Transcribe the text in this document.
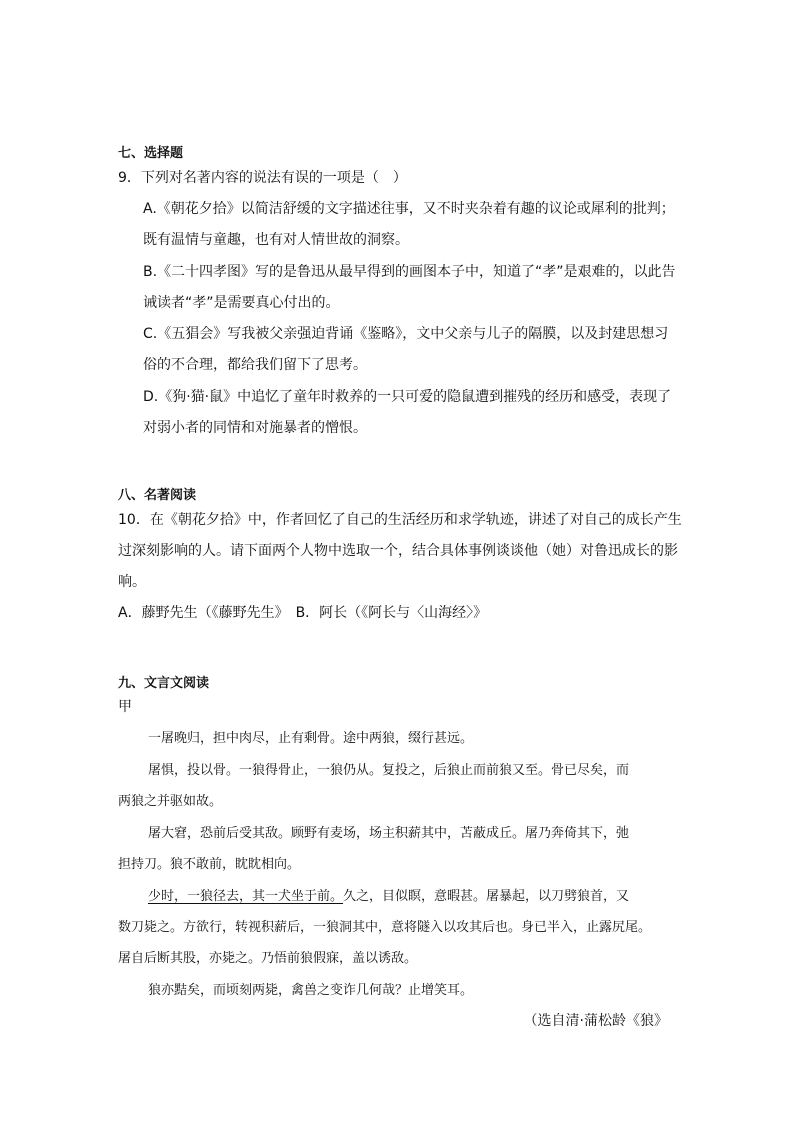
七、选择题
9．下列对名著内容的说法有误的一项是（　）
A.《朝花夕拾》以简洁舒缓的文字描述往事，又不时夹杂着有趣的议论或犀利的批判；
既有温情与童趣，也有对人情世故的洞察。
B.《二十四孝图》写的是鲁迅从最早得到的画图本子中，知道了“孝”是艰难的，以此告
诫读者“孝”是需要真心付出的。
C.《五猖会》写我被父亲强迫背诵《鉴略》，文中父亲与儿子的隔膜，以及封建思想习
俗的不合理，都给我们留下了思考。
D.《狗·猫·鼠》中追忆了童年时救养的一只可爱的隐鼠遭到摧残的经历和感受，表现了
对弱小者的同情和对施暴者的憎恨。
八、名著阅读
10．在《朝花夕拾》中，作者回忆了自己的生活经历和求学轨迹，讲述了对自己的成长产生
过深刻影响的人。请下面两个人物中选取一个，结合具体事例谈谈他（她）对鲁迅成长的影
响。
A．藤野先生（《藤野先生》　B．阿长（《阿长与〈山海经〉》
九、文言文阅读
甲
一屠晚归，担中肉尽，止有剩骨。途中两狼，缀行甚远。
屠惧，投以骨。一狼得骨止，一狼仍从。复投之，后狼止而前狼又至。骨已尽矣，而
两狼之并驱如故。
屠大窘，恐前后受其敌。顾野有麦场，场主积薪其中，苫蔽成丘。屠乃奔倚其下，弛
担持刀。狼不敢前，眈眈相向。
少时，一狼径去，其一犬坐于前。久之，目似瞑，意暇甚。屠暴起，以刀劈狼首，又
数刀毙之。方欲行，转视积薪后，一狼洞其中，意将隧入以攻其后也。身已半入，止露尻尾。
屠自后断其股，亦毙之。乃悟前狼假寐，盖以诱敌。
狼亦黠矣，而顷刻两毙，禽兽之变诈几何哉？止增笑耳。
（选自清·蒲松龄《狼》
